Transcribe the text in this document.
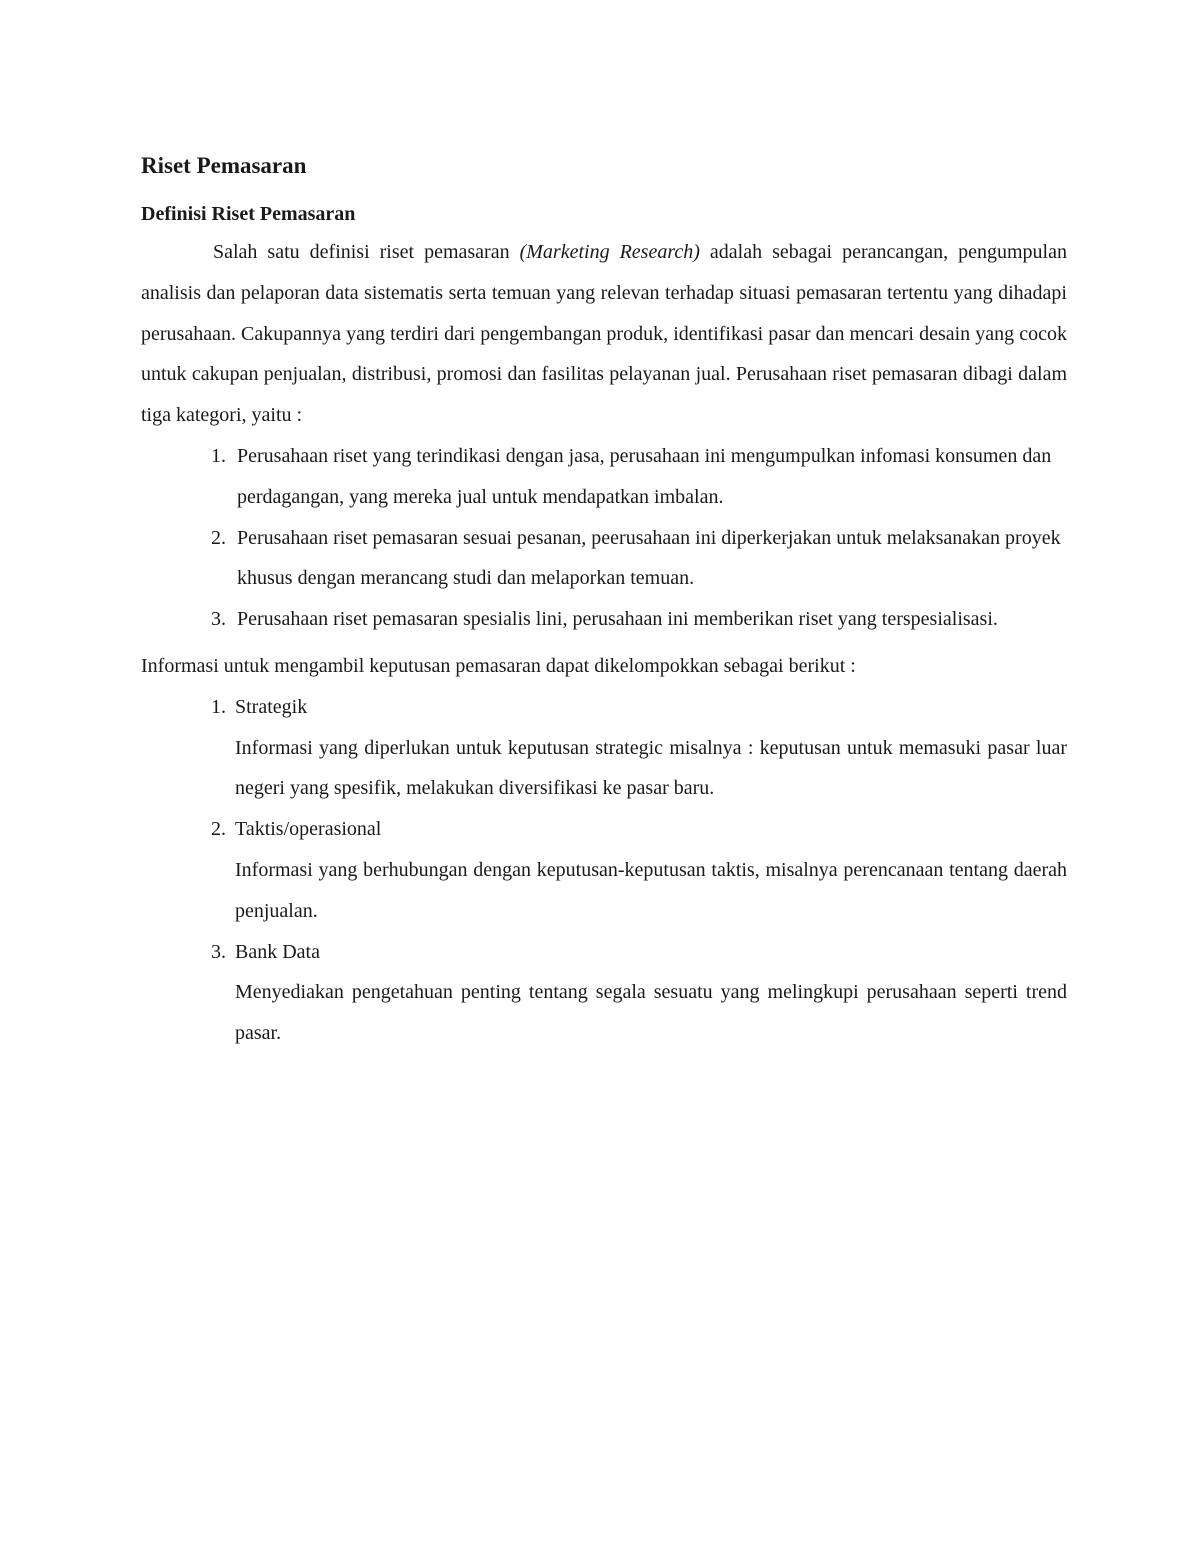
Riset Pemasaran
Definisi Riset Pemasaran

Salah satu definisi riset pemasaran (Marketing Research) adalah sebagai perancangan, pengumpulan analisis dan pelaporan data sistematis serta temuan yang relevan terhadap situasi pemasaran tertentu yang dihadapi perusahaan. Cakupannya yang terdiri dari pengembangan produk, identifikasi pasar dan mencari desain yang cocok untuk cakupan penjualan, distribusi, promosi dan fasilitas pelayanan jual. Perusahaan riset pemasaran dibagi dalam tiga kategori, yaitu :

1. Perusahaan riset yang terindikasi dengan jasa, perusahaan ini mengumpulkan infomasi konsumen dan perdagangan, yang mereka jual untuk mendapatkan imbalan.
2. Perusahaan riset pemasaran sesuai pesanan, peerusahaan ini diperkerjakan untuk melaksanakan proyek khusus dengan merancang studi dan melaporkan temuan.
3. Perusahaan riset pemasaran spesialis lini, perusahaan ini memberikan riset yang terspesialisasi.

Informasi untuk mengambil keputusan pemasaran dapat dikelompokkan sebagai berikut :

1. Strategik
Informasi yang diperlukan untuk keputusan strategic misalnya : keputusan untuk memasuki pasar luar negeri yang spesifik, melakukan diversifikasi ke pasar baru.
2. Taktis/operasional
Informasi yang berhubungan dengan keputusan-keputusan taktis, misalnya perencanaan tentang daerah penjualan.
3. Bank Data
Menyediakan pengetahuan penting tentang segala sesuatu yang melingkupi perusahaan seperti trend pasar.
